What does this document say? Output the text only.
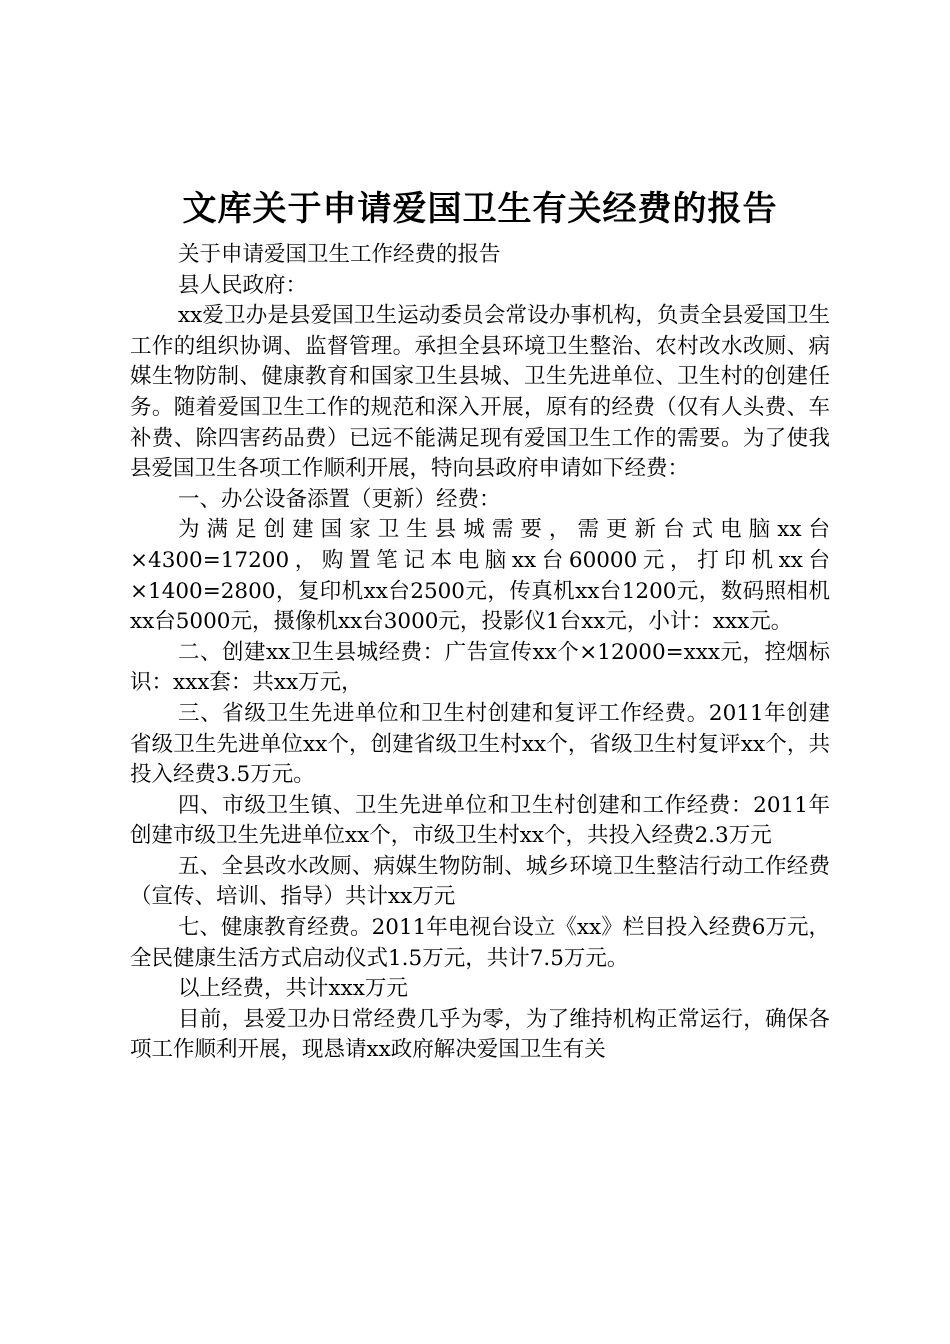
文库关于申请爱国卫生有关经费的报告

关于申请爱国卫生工作经费的报告

县人民政府：

xx爱卫办是县爱国卫生运动委员会常设办事机构，负责全县爱国卫生工作的组织协调、监督管理。承担全县环境卫生整治、农村改水改厕、病媒生物防制、健康教育和国家卫生县城、卫生先进单位、卫生村的创建任务。随着爱国卫生工作的规范和深入开展，原有的经费（仅有人头费、车补费、除四害药品费）已远不能满足现有爱国卫生工作的需要。为了使我县爱国卫生各项工作顺利开展，特向县政府申请如下经费：

一、办公设备添置（更新）经费：

为满足创建国家卫生县城需要，需更新台式电脑xx台×4300=17200，购置笔记本电脑xx台60000元，打印机xx台×1400=2800，复印机xx台2500元，传真机xx台1200元，数码照相机xx台5000元，摄像机xx台3000元，投影仪1台xx元，小计：xxx元。

二、创建xx卫生县城经费：广告宣传xx个×12000=xxx元，控烟标识：xxx套：共xx万元，

三、省级卫生先进单位和卫生村创建和复评工作经费。2011年创建省级卫生先进单位xx个，创建省级卫生村xx个，省级卫生村复评xx个，共投入经费3.5万元。

四、市级卫生镇、卫生先进单位和卫生村创建和工作经费：2011年创建市级卫生先进单位xx个，市级卫生村xx个，共投入经费2.3万元

五、全县改水改厕、病媒生物防制、城乡环境卫生整洁行动工作经费（宣传、培训、指导）共计xx万元

七、健康教育经费。2011年电视台设立《xx》栏目投入经费6万元，全民健康生活方式启动仪式1.5万元，共计7.5万元。

以上经费，共计xxx万元

目前，县爱卫办日常经费几乎为零，为了维持机构正常运行，确保各项工作顺利开展，现恳请xx政府解决爱国卫生有关
